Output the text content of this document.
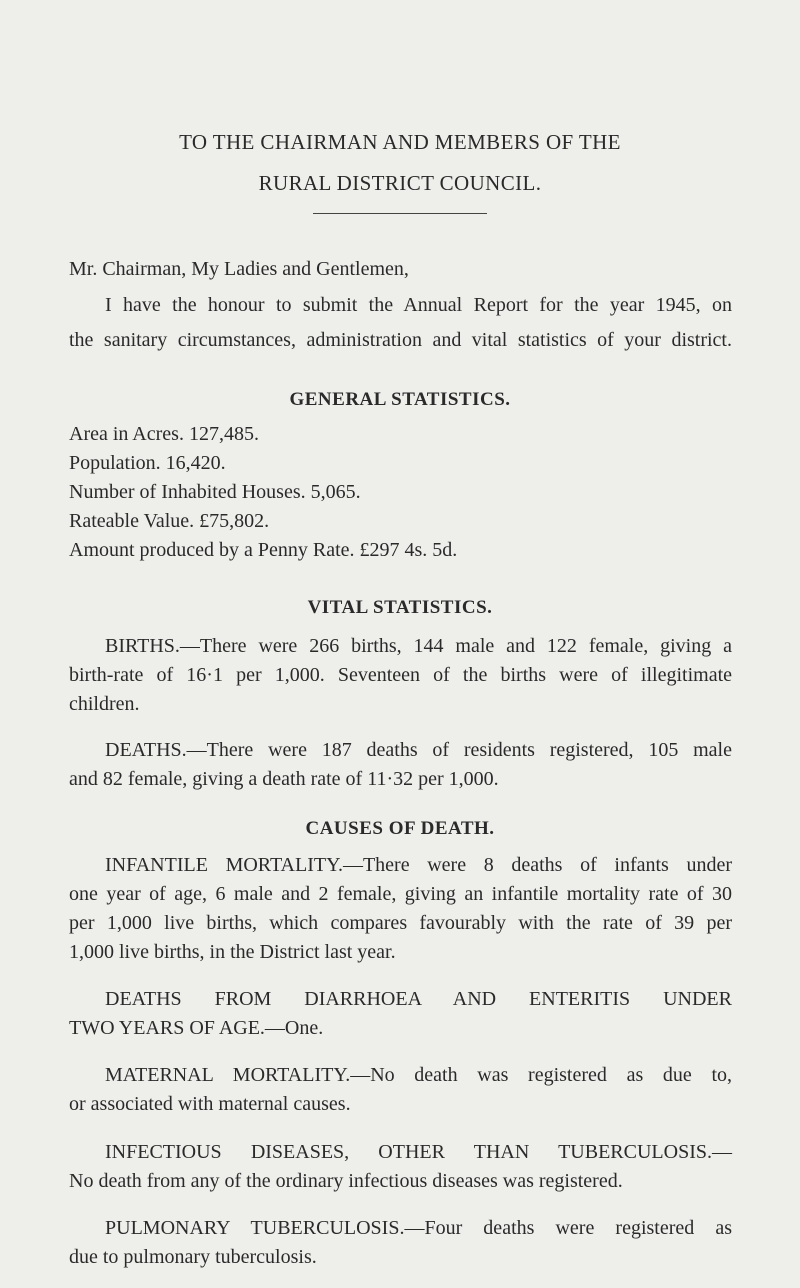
TO THE CHAIRMAN AND MEMBERS OF THE
RURAL DISTRICT COUNCIL.
Mr. Chairman, My Ladies and Gentlemen,
I have the honour to submit the Annual Report for the year 1945, on
the sanitary circumstances, administration and vital statistics of your district.
GENERAL STATISTICS.
Area in Acres. 127,485.
Population. 16,420.
Number of Inhabited Houses. 5,065.
Rateable Value. £75,802.
Amount produced by a Penny Rate. £297 4s. 5d.
VITAL STATISTICS.
BIRTHS.—There were 266 births, 144 male and 122 female, giving a
birth-rate of 16·1 per 1,000. Seventeen of the births were of illegitimate
children.
DEATHS.—There were 187 deaths of residents registered, 105 male
and 82 female, giving a death rate of 11·32 per 1,000.
CAUSES OF DEATH.
INFANTILE MORTALITY.—There were 8 deaths of infants under
one year of age, 6 male and 2 female, giving an infantile mortality rate of 30
per 1,000 live births, which compares favourably with the rate of 39 per
1,000 live births, in the District last year.
DEATHS FROM DIARRHOEA AND ENTERITIS UNDER
TWO YEARS OF AGE.—One.
MATERNAL MORTALITY.—No death was registered as due to,
or associated with maternal causes.
INFECTIOUS DISEASES, OTHER THAN TUBERCULOSIS.—
No death from any of the ordinary infectious diseases was registered.
PULMONARY TUBERCULOSIS.—Four deaths were registered as
due to pulmonary tuberculosis.
